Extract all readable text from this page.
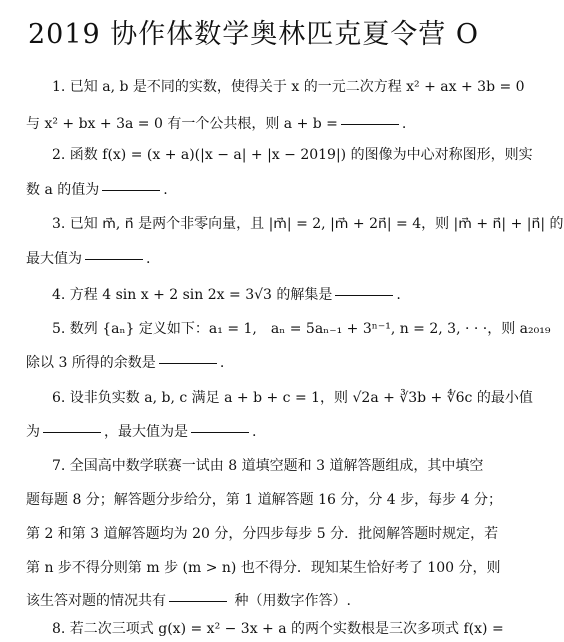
2019 协作体数学奥林匹克夏令营 O
1. 已知 a, b 是不同的实数，使得关于 x 的一元二次方程 x² + ax + 3b = 0
与 x² + bx + 3a = 0 有一个公共根，则 a + b =	.
2. 函数 f(x) = (x + a)(|x − a| + |x − 2019|) 的图像为中心对称图形，则实
数 a 的值为	.
3. 已知 m⃗, n⃗ 是两个非零向量，且 |m⃗| = 2, |m⃗ + 2n⃗| = 4，则 |m⃗ + n⃗| + |n⃗| 的
最大值为	.
4. 方程 4 sin x + 2 sin 2x = 3√3 的解集是	.
5. 数列 {aₙ} 定义如下：a₁ = 1,　aₙ = 5aₙ₋₁ + 3ⁿ⁻¹, n = 2, 3, · · ·，则 a₂₀₁₉
除以 3 所得的余数是	.
6. 设非负实数 a, b, c 满足 a + b + c = 1，则 √2a + ∛3b + ∜6c 的最小值
为	，最大值为是	.
7. 全国高中数学联赛一试由 8 道填空题和 3 道解答题组成，其中填空
题每题 8 分；解答题分步给分，第 1 道解答题 16 分，分 4 步，每步 4 分；
第 2 和第 3 道解答题均为 20 分，分四步每步 5 分．批阅解答题时规定，若
第 n 步不得分则第 m 步 (m > n) 也不得分．现知某生恰好考了 100 分，则
该生答对题的情况共有	种（用数字作答）.
8. 若二次三项式 g(x) = x² − 3x + a 的两个实数根是三次多项式 f(x) =
